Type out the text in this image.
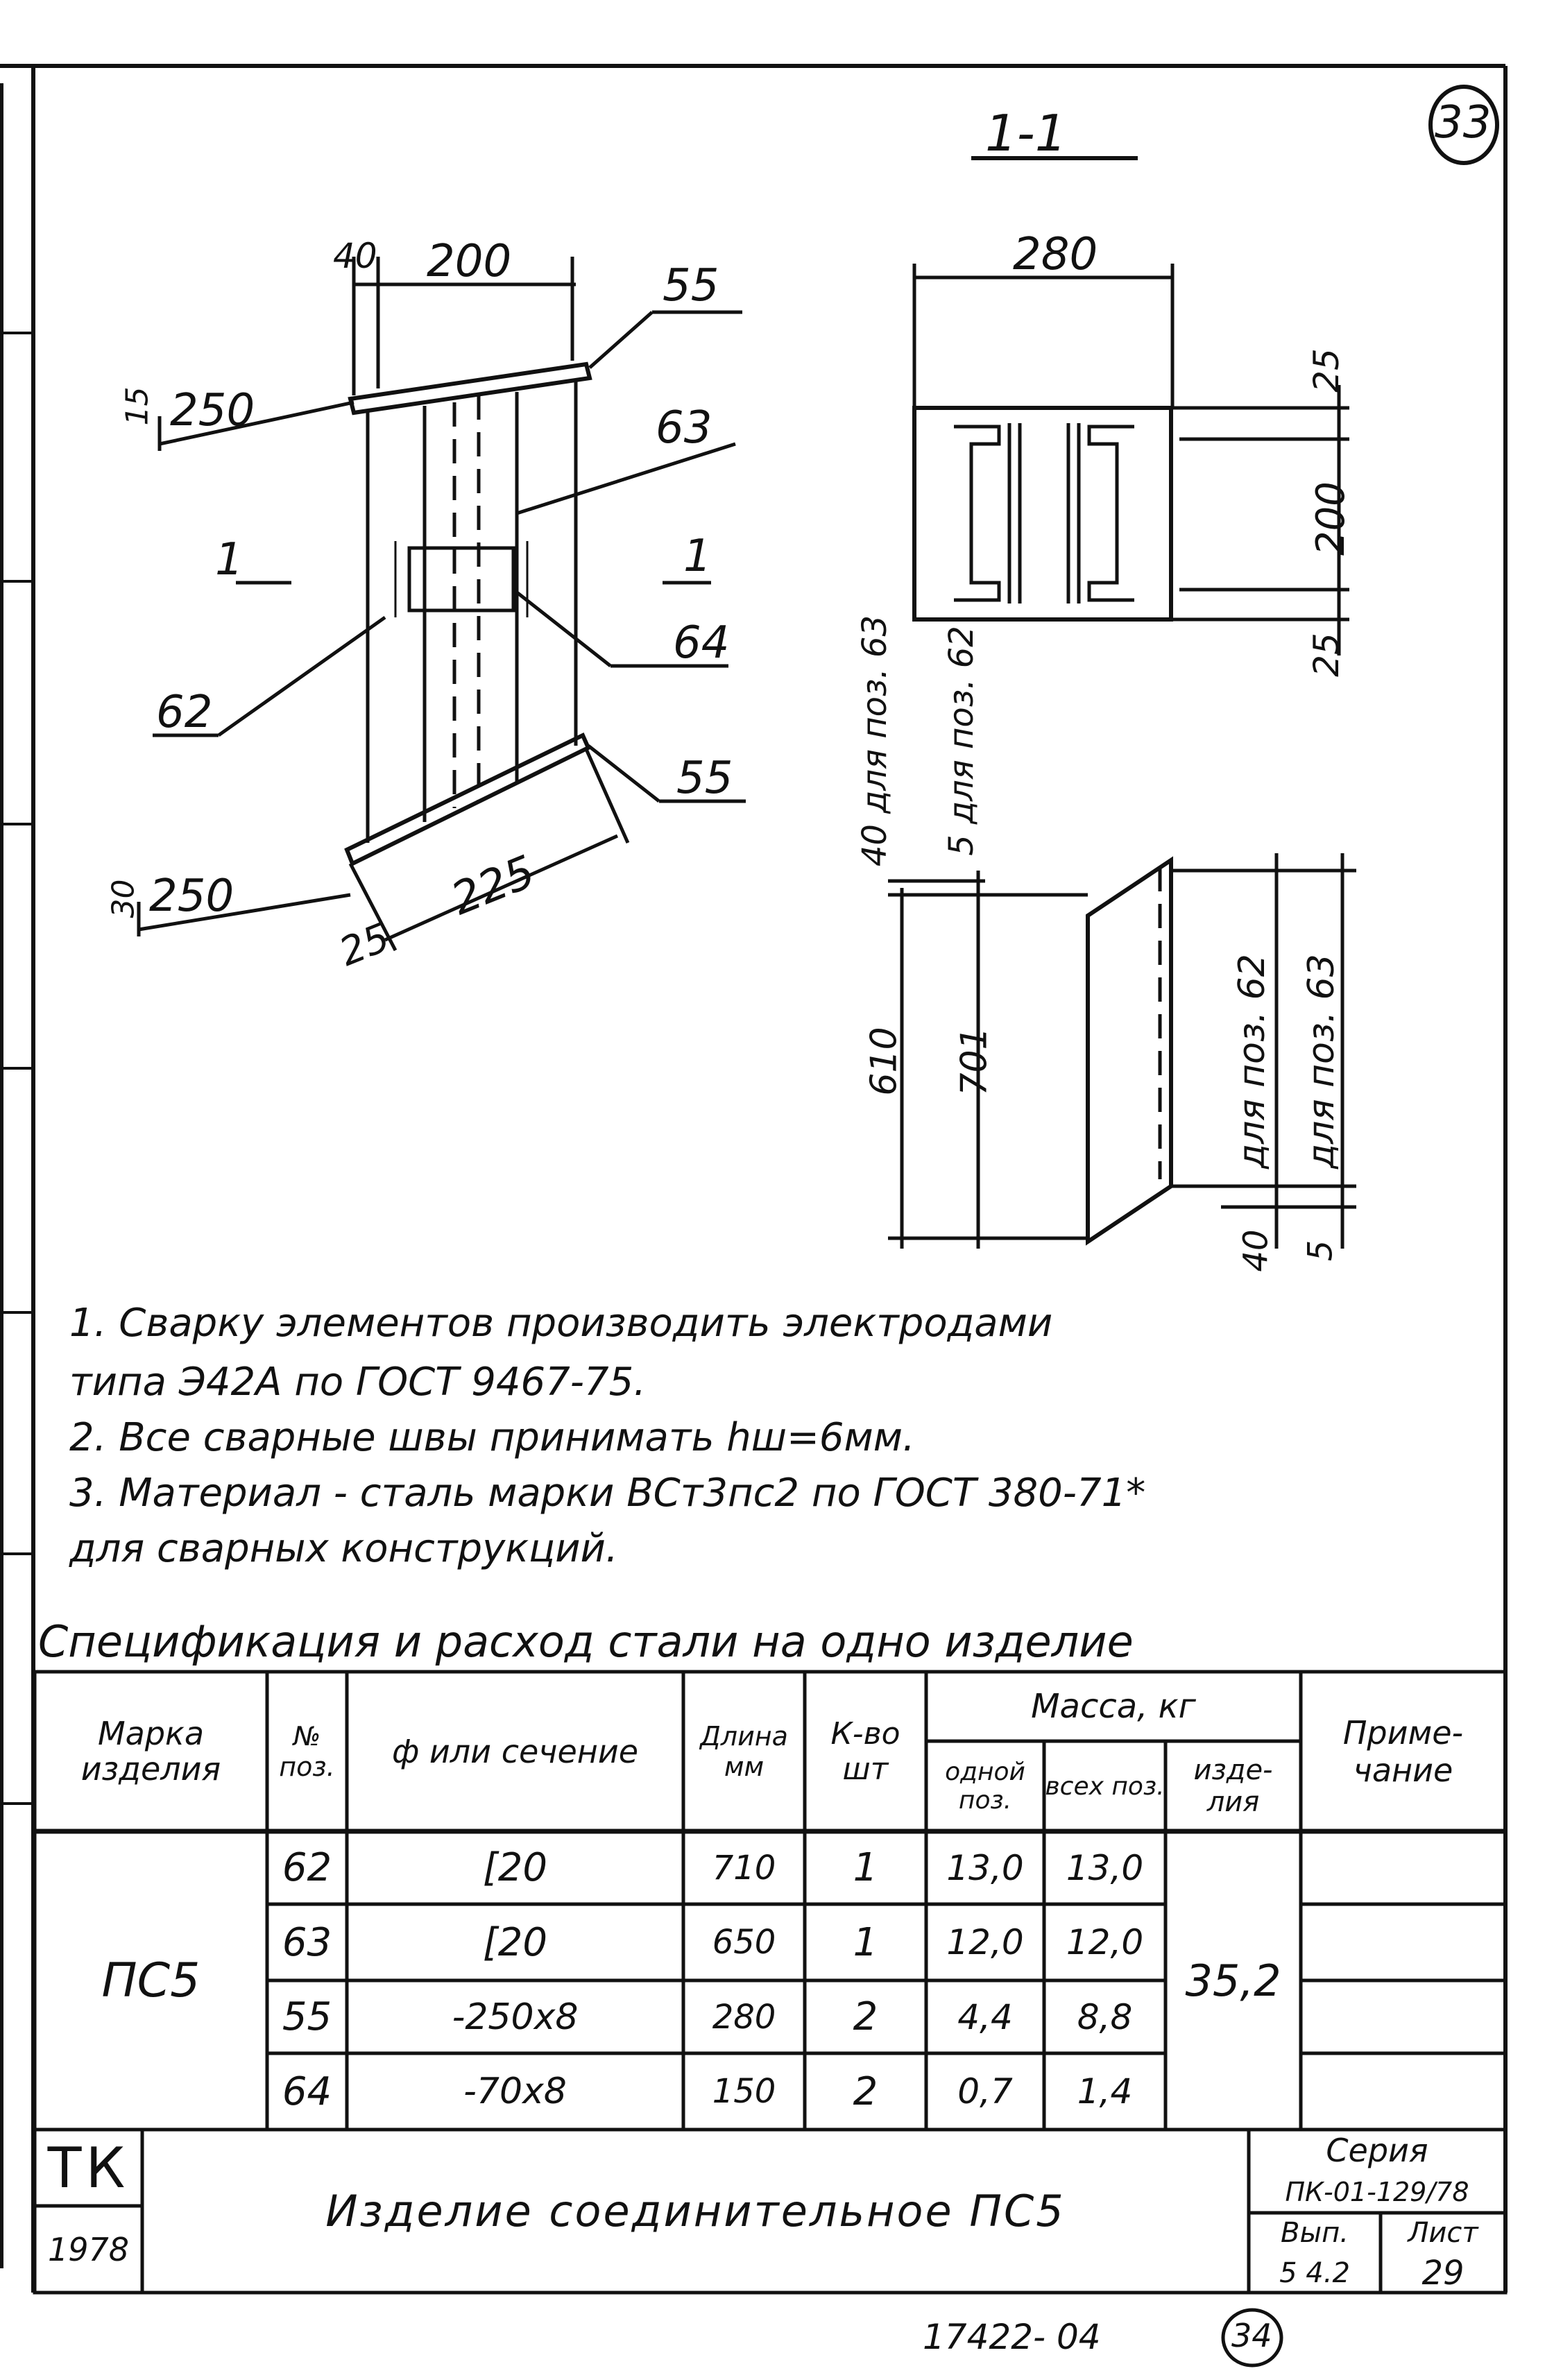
33
1-1
40 200	55
15 250	63
1	1
64
62
55
30 250	225
25
280
25
200
25
40 для поз. 63 5 для поз. 62
610 701	для поз. 62 для поз. 63
40 5
1. Сварку элементов производить электродами
типа Э42А по ГОСТ 9467-75.
2. Все сварные швы принимать hш=6мм.
3. Материал - сталь марки ВСт3пс2 по ГОСТ 380-71*
для сварных конструкций.
Спецификация и расход стали на одно изделие
Марка изделия
№ поз.	ф или сечение	Длина мм
К-во шт
Масса, кг
одной поз.	всех поз.	изде- лия
Приме- чание
ПС5	35,2
62	[20	710	1	13,0	13,0
63	[20	650	1	12,0	12,0
55	-250x8	280	2	4,4	8,8
64	-70x8	150	2	0,7	1,4
ТК
1978
Изделие соединительное ПС5
Серия
ПК-01-129/78
Вып.
5 4.2
Лист
29
17422- 04	34
